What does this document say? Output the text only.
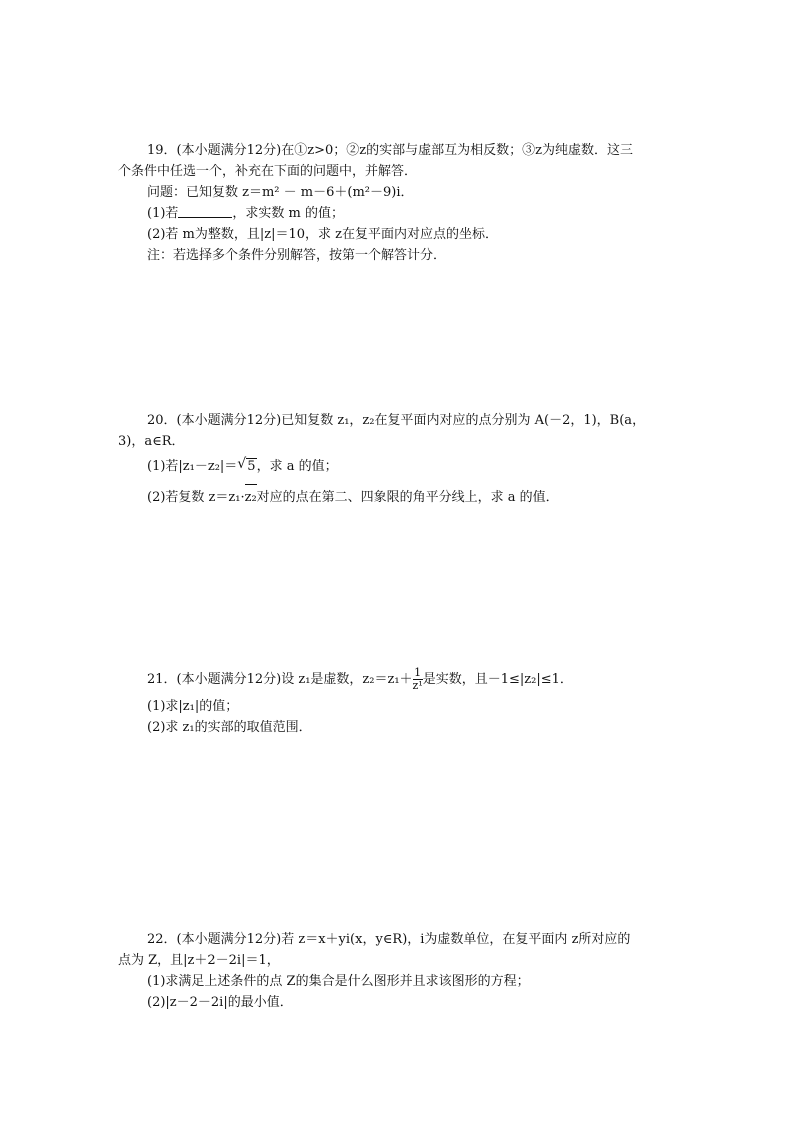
19．(本小题满分12分)在①z>0；②z的实部与虚部互为相反数；③z为纯虚数．这三
个条件中任选一个，补充在下面的问题中，并解答．
问题：已知复数 z＝m² － m－6＋(m²－9)i．
(1)若	，求实数 m 的值；
(2)若 m为整数，且|z|＝10，求 z在复平面内对应点的坐标．
注：若选择多个条件分别解答，按第一个解答计分．
20．(本小题满分12分)已知复数 z₁，z₂在复平面内对应的点分别为 A(－2，1)，B(a，
3)，a∈R．
(1)若|z₁－z₂|＝ √ 5，求 a 的值；
(2)若复数 z＝z₁·
z₂对应的点在第二、四象限的角平分线上，求 a 的值．
21．(本小题满分12分)设 z₁是虚数，$z_2=z_1+ \frac{1}{\text{z¹}}$ 是实数，且－1≤|z₂|≤1．
(1)求|z₁|的值；
(2)求 z₁的实部的取值范围．
22．(本小题满分12分)若 z＝x＋yi(x，y∈R)，i为虚数单位，在复平面内 z所对应的
点为 Z，且|z＋2－2i|＝1，
(1)求满足上述条件的点 Z的集合是什么图形并且求该图形的方程；
(2)|z－2－2i|的最小值．
